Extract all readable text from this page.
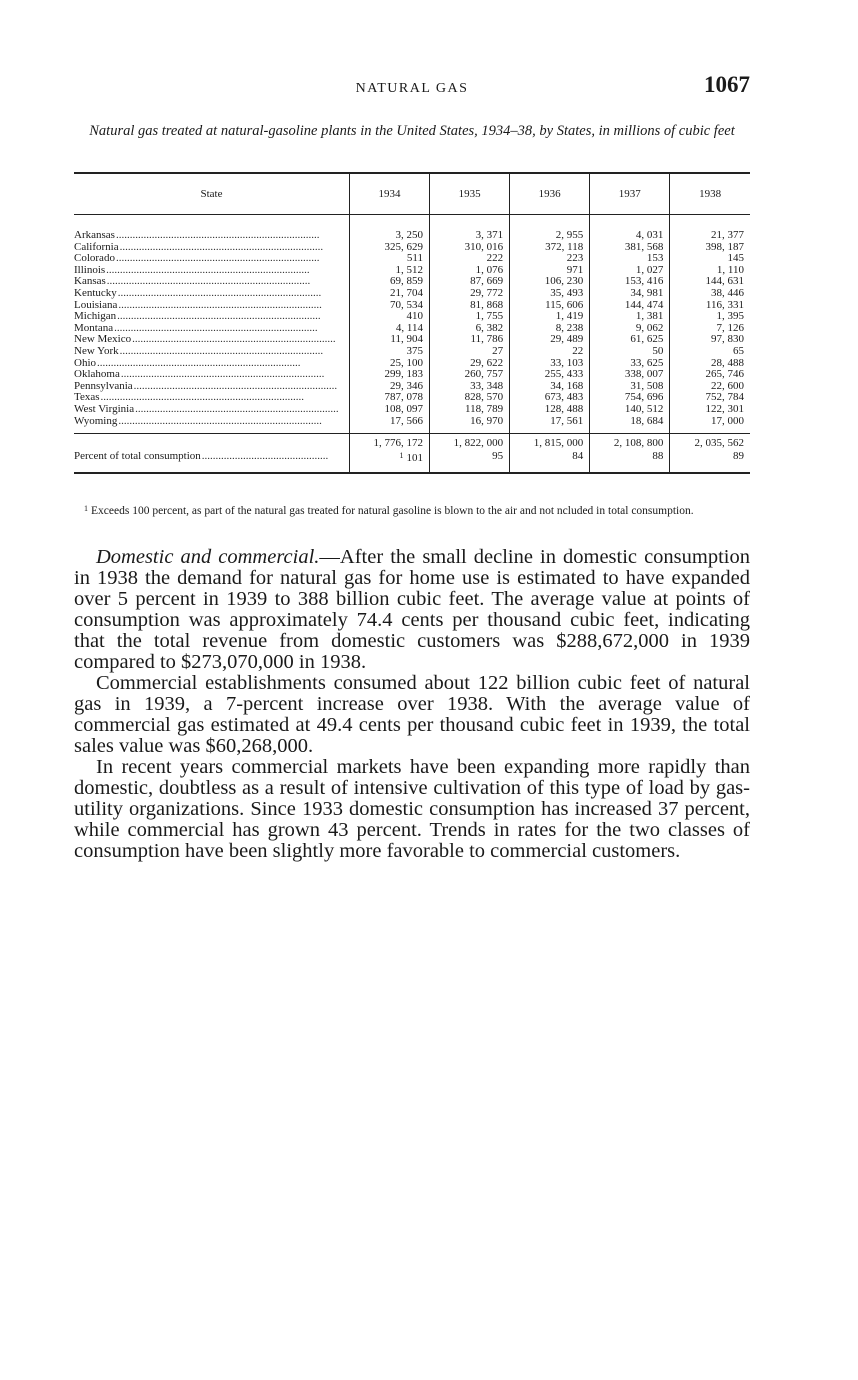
NATURAL GAS	1067
Natural gas treated at natural-gasoline plants in the United States, 1934–38, by States, in millions of cubic feet
State	1934	1935	1936	1937	1938

Arkansas..........................................................................	3, 250	3, 371	2, 955	4, 031	21, 377

California..........................................................................	325, 629	310, 016	372, 118	381, 568	398, 187

Colorado..........................................................................	511	222	223	153	145

Illinois..........................................................................	1, 512	1, 076	971	1, 027	1, 110

Kansas..........................................................................	69, 859	87, 669	106, 230	153, 416	144, 631

Kentucky..........................................................................	21, 704	29, 772	35, 493	34, 981	38, 446

Louisiana..........................................................................	70, 534	81, 868	115, 606	144, 474	116, 331

Michigan..........................................................................	410	1, 755	1, 419	1, 381	1, 395

Montana..........................................................................	4, 114	6, 382	8, 238	9, 062	7, 126

New Mexico..........................................................................	11, 904	11, 786	29, 489	61, 625	97, 830

New York..........................................................................	375	27	22	50	65

Ohio..........................................................................	25, 100	29, 622	33, 103	33, 625	28, 488

Oklahoma..........................................................................	299, 183	260, 757	255, 433	338, 007	265, 746

Pennsylvania..........................................................................	29, 346	33, 348	34, 168	31, 508	22, 600

Texas..........................................................................	787, 078	828, 570	673, 483	754, 696	752, 784

West Virginia..........................................................................	108, 097	118, 789	128, 488	140, 512	122, 301

Wyoming..........................................................................	17, 566	16, 970	17, 561	18, 684	17, 000

	1, 776, 172	1, 822, 000	1, 815, 000	2, 108, 800	2, 035, 562

Percent of total consumption..............................................	$^1$ 101	95	84	88	89
$^1$ Exceeds 100 percent, as part of the natural gas treated for natural gasoline is blown to the air and not ncluded in total consumption.

Domestic and commercial.—After the small decline in domestic consumption in 1938 the demand for natural gas for home use is estimated to have expanded over 5 percent in 1939 to 388 billion cubic feet. The average value at points of consumption was approximately 74.4 cents per thousand cubic feet, indicating that the total revenue from domestic customers was $288,672,000 in 1939 compared to $273,070,000 in 1938.

Commercial establishments consumed about 122 billion cubic feet of natural gas in 1939, a 7-percent increase over 1938. With the average value of commercial gas estimated at 49.4 cents per thousand cubic feet in 1939, the total sales value was $60,268,000.

In recent years commercial markets have been expanding more rapidly than domestic, doubtless as a result of intensive cultivation of this type of load by gas-utility organizations. Since 1933 domestic consumption has increased 37 percent, while commercial has grown 43 percent. Trends in rates for the two classes of consumption have been slightly more favorable to commercial customers.
